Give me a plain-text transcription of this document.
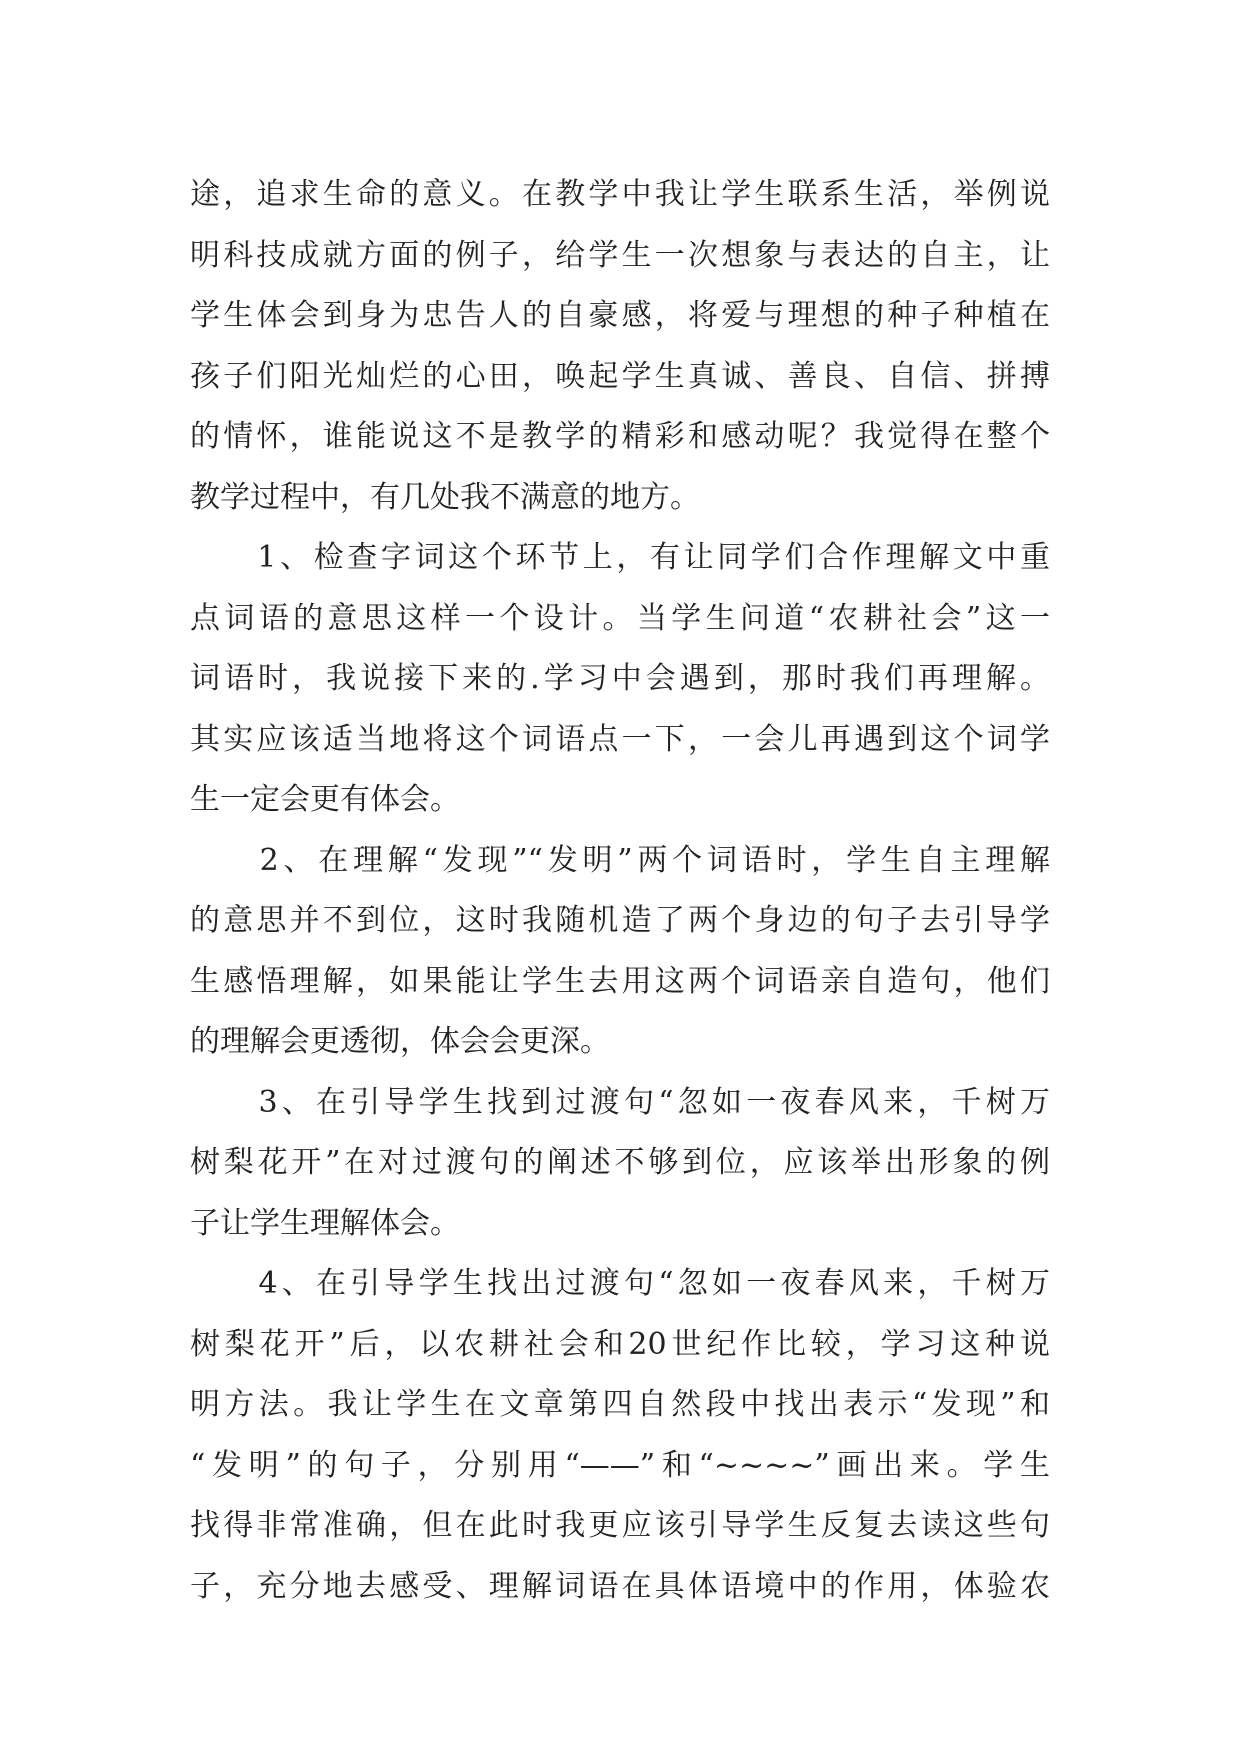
途，追求生命的意义。在教学中我让学生联系生活，举例说
明科技成就方面的例子，给学生一次想象与表达的自主，让
学生体会到身为忠告人的自豪感，将爱与理想的种子种植在
孩子们阳光灿烂的心田，唤起学生真诚、善良、自信、拼搏
的情怀，谁能说这不是教学的精彩和感动呢？我觉得在整个
教学过程中，有几处我不满意的地方。
　　1、检查字词这个环节上，有让同学们合作理解文中重
点词语的意思这样一个设计。当学生问道“农耕社会”这一
词语时，我说接下来的.学习中会遇到，那时我们再理解。
其实应该适当地将这个词语点一下，一会儿再遇到这个词学
生一定会更有体会。
　　2、在理解“发现”“发明”两个词语时，学生自主理解
的意思并不到位，这时我随机造了两个身边的句子去引导学
生感悟理解，如果能让学生去用这两个词语亲自造句，他们
的理解会更透彻，体会会更深。
　　3、在引导学生找到过渡句“忽如一夜春风来，千树万
树梨花开”在对过渡句的阐述不够到位，应该举出形象的例
子让学生理解体会。
　　4、在引导学生找出过渡句“忽如一夜春风来，千树万
树梨花开”后，以农耕社会和20世纪作比较，学习这种说
明方法。我让学生在文章第四自然段中找出表示“发现”和
“发明”的句子，分别用“——”和“~~~~”画出来。学生
找得非常准确，但在此时我更应该引导学生反复去读这些句
子，充分地去感受、理解词语在具体语境中的作用，体验农
